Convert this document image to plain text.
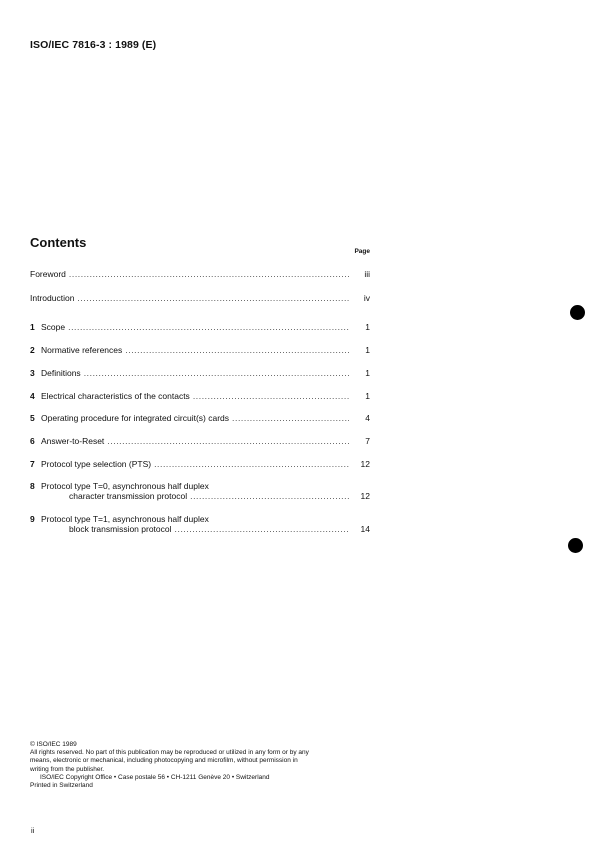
ISO/IEC 7816-3 : 1989 (E)
Contents
Page
Foreword .....	iii
Introduction .....	iv
1 Scope .....	1
2 Normative references .....	1
3 Definitions .....	1
4 Electrical characteristics of the contacts .....	1
5 Operating procedure for integrated circuit(s) cards .....	4
6 Answer-to-Reset .....	7
7 Protocol type selection (PTS) .....	12
8 Protocol type T=0, asynchronous half duplex
character transmission protocol .....	12
9 Protocol type T=1, asynchronous half duplex
block transmission protocol .....	14
© ISO/IEC 1989
All rights reserved. No part of this publication may be reproduced or utilized in any form or by any
means, electronic or mechanical, including photocopying and microfilm, without permission in
writing from the publisher.
ISO/IEC Copyright Office • Case postale 56 • CH-1211 Genève 20 • Switzerland
Printed in Switzerland
ii
